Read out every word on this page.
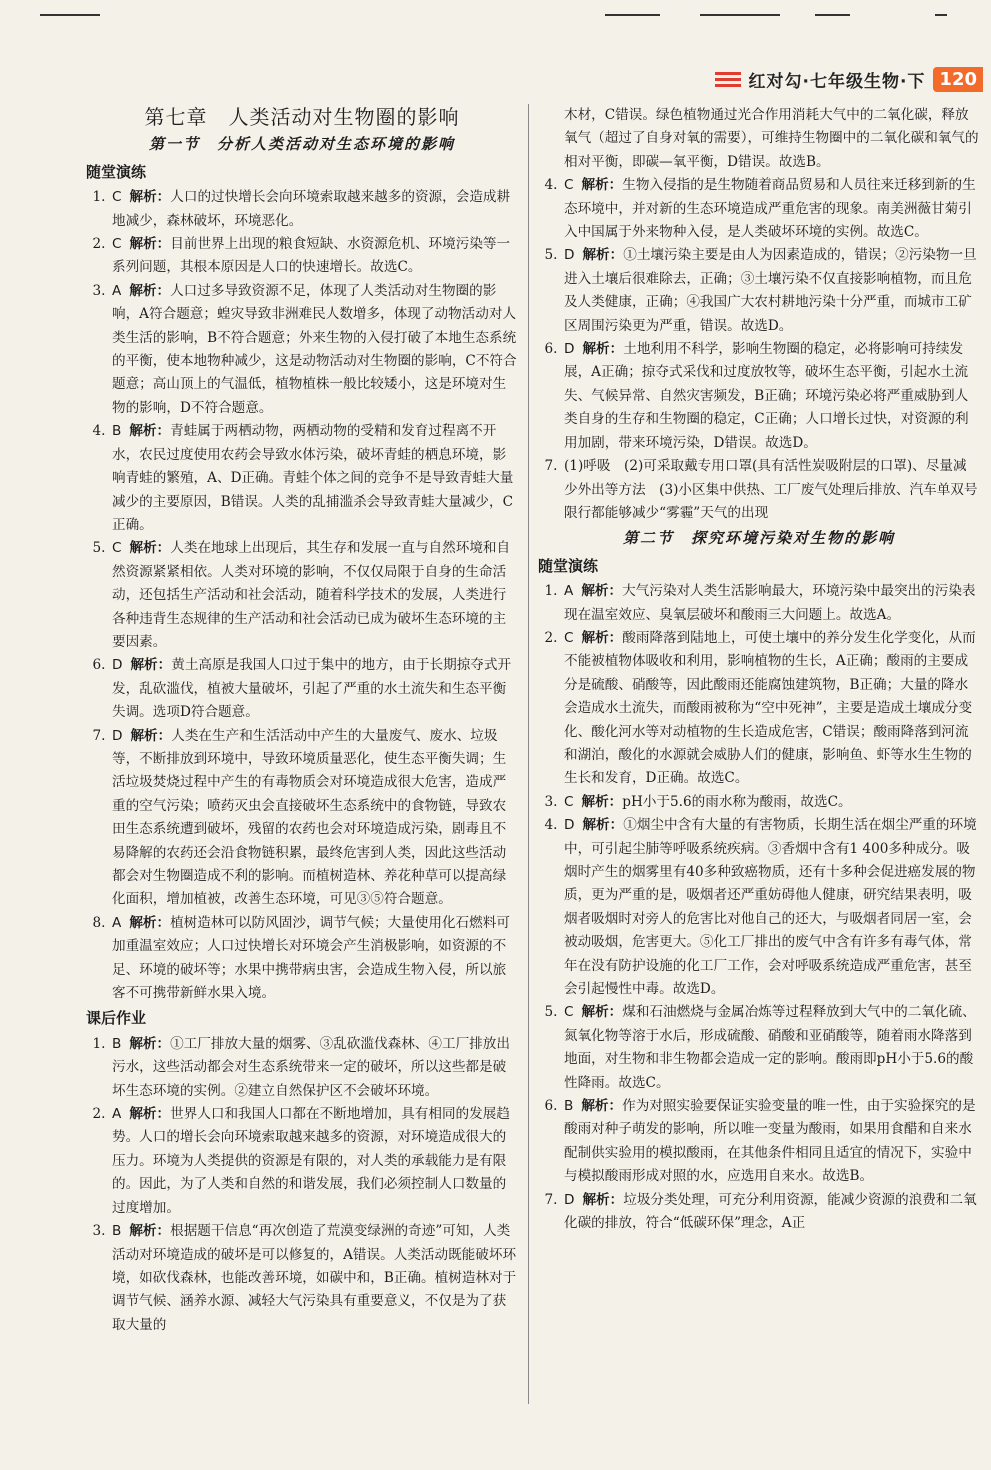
红对勾·七年级生物·下 120
第七章　人类活动对生物圈的影响
第一节　分析人类活动对生态环境的影响
随堂演练
1. C 解析：人口的过快增长会向环境索取越来越多的资源，会造成耕地减少，森林破坏，环境恶化。
2. C 解析：目前世界上出现的粮食短缺、水资源危机、环境污染等一系列问题，其根本原因是人口的快速增长。故选C。
3. A 解析：人口过多导致资源不足，体现了人类活动对生物圈的影响，A符合题意；蝗灾导致非洲难民人数增多，体现了动物活动对人类生活的影响，B不符合题意；外来生物的入侵打破了本地生态系统的平衡，使本地物种减少，这是动物活动对生物圈的影响，C不符合题意；高山顶上的气温低，植物植株一般比较矮小，这是环境对生物的影响，D不符合题意。
4. B 解析：青蛙属于两栖动物，两栖动物的受精和发育过程离不开水，农民过度使用农药会导致水体污染，破坏青蛙的栖息环境，影响青蛙的繁殖，A、D正确。青蛙个体之间的竞争不是导致青蛙大量减少的主要原因，B错误。人类的乱捕滥杀会导致青蛙大量减少，C正确。
5. C 解析：人类在地球上出现后，其生存和发展一直与自然环境和自然资源紧紧相依。人类对环境的影响，不仅仅局限于自身的生命活动，还包括生产活动和社会活动，随着科学技术的发展，人类进行各种违背生态规律的生产活动和社会活动已成为破坏生态环境的主要因素。
6. D 解析：黄土高原是我国人口过于集中的地方，由于长期掠夺式开发，乱砍滥伐，植被大量破坏，引起了严重的水土流失和生态平衡失调。选项D符合题意。
7. D 解析：人类在生产和生活活动中产生的大量废气、废水、垃圾等，不断排放到环境中，导致环境质量恶化，使生态平衡失调；生活垃圾焚烧过程中产生的有毒物质会对环境造成很大危害，造成严重的空气污染；喷药灭虫会直接破坏生态系统中的食物链，导致农田生态系统遭到破坏，残留的农药也会对环境造成污染，剧毒且不易降解的农药还会沿食物链积累，最终危害到人类，因此这些活动都会对生物圈造成不利的影响。而植树造林、养花种草可以提高绿化面积，增加植被，改善生态环境，可见③⑤符合题意。
8. A 解析：植树造林可以防风固沙，调节气候；大量使用化石燃料可加重温室效应；人口过快增长对环境会产生消极影响，如资源的不足、环境的破坏等；水果中携带病虫害，会造成生物入侵，所以旅客不可携带新鲜水果入境。
课后作业
1. B 解析：①工厂排放大量的烟雾、③乱砍滥伐森林、④工厂排放出污水，这些活动都会对生态系统带来一定的破坏，所以这些都是破坏生态环境的实例。②建立自然保护区不会破坏环境。
2. A 解析：世界人口和我国人口都在不断地增加，具有相同的发展趋势。人口的增长会向环境索取越来越多的资源，对环境造成很大的压力。环境为人类提供的资源是有限的，对人类的承载能力是有限的。因此，为了人类和自然的和谐发展，我们必须控制人口数量的过度增加。
3. B 解析：根据题干信息“再次创造了荒漠变绿洲的奇迹”可知，人类活动对环境造成的破坏是可以修复的，A错误。人类活动既能破坏环境，如砍伐森林，也能改善环境，如碳中和，B正确。植树造林对于调节气候、涵养水源、减轻大气污染具有重要意义，不仅是为了获取大量的
木材，C错误。绿色植物通过光合作用消耗大气中的二氧化碳，释放氧气（超过了自身对氧的需要），可维持生物圈中的二氧化碳和氧气的相对平衡，即碳—氧平衡，D错误。故选B。
4. C 解析：生物入侵指的是生物随着商品贸易和人员往来迁移到新的生态环境中，并对新的生态环境造成严重危害的现象。南美洲薇甘菊引入中国属于外来物种入侵，是人类破坏环境的实例。故选C。
5. D 解析：①土壤污染主要是由人为因素造成的，错误；②污染物一旦进入土壤后很难除去，正确；③土壤污染不仅直接影响植物，而且危及人类健康，正确；④我国广大农村耕地污染十分严重，而城市工矿区周围污染更为严重，错误。故选D。
6. D 解析：土地利用不科学，影响生物圈的稳定，必将影响可持续发展，A正确；掠夺式采伐和过度放牧等，破坏生态平衡，引起水土流失、气候异常、自然灾害频发，B正确；环境污染必将严重威胁到人类自身的生存和生物圈的稳定，C正确；人口增长过快，对资源的利用加剧，带来环境污染，D错误。故选D。
7. (1)呼吸　(2)可采取戴专用口罩(具有活性炭吸附层的口罩)、尽量减少外出等方法　(3)小区集中供热、工厂废气处理后排放、汽车单双号限行都能够减少“雾霾”天气的出现
第二节　探究环境污染对生物的影响
随堂演练
1. A 解析：大气污染对人类生活影响最大，环境污染中最突出的污染表现在温室效应、臭氧层破坏和酸雨三大问题上。故选A。
2. C 解析：酸雨降落到陆地上，可使土壤中的养分发生化学变化，从而不能被植物体吸收和利用，影响植物的生长，A正确；酸雨的主要成分是硫酸、硝酸等，因此酸雨还能腐蚀建筑物，B正确；大量的降水会造成水土流失，而酸雨被称为“空中死神”，主要是造成土壤成分变化、酸化河水等对动植物的生长造成危害，C错误；酸雨降落到河流和湖泊，酸化的水源就会威胁人们的健康，影响鱼、虾等水生生物的生长和发育，D正确。故选C。
3. C 解析：pH小于5.6的雨水称为酸雨，故选C。
4. D 解析：①烟尘中含有大量的有害物质，长期生活在烟尘严重的环境中，可引起尘肺等呼吸系统疾病。③香烟中含有1 400多种成分。吸烟时产生的烟雾里有40多种致癌物质，还有十多种会促进癌发展的物质，更为严重的是，吸烟者还严重妨碍他人健康，研究结果表明，吸烟者吸烟时对旁人的危害比对他自己的还大，与吸烟者同居一室，会被动吸烟，危害更大。⑤化工厂排出的废气中含有许多有毒气体，常年在没有防护设施的化工厂工作，会对呼吸系统造成严重危害，甚至会引起慢性中毒。故选D。
5. C 解析：煤和石油燃烧与金属冶炼等过程释放到大气中的二氧化硫、氮氧化物等溶于水后，形成硫酸、硝酸和亚硝酸等，随着雨水降落到地面，对生物和非生物都会造成一定的影响。酸雨即pH小于5.6的酸性降雨。故选C。
6. B 解析：作为对照实验要保证实验变量的唯一性，由于实验探究的是酸雨对种子萌发的影响，所以唯一变量为酸雨，如果用食醋和自来水配制供实验用的模拟酸雨，在其他条件相同且适宜的情况下，实验中与模拟酸雨形成对照的水，应选用自来水。故选B。
7. D 解析：垃圾分类处理，可充分利用资源，能减少资源的浪费和二氧化碳的排放，符合“低碳环保”理念，A正
